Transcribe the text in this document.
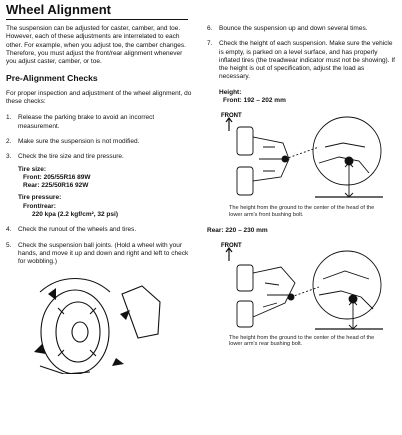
Wheel Alignment

The suspension can be adjusted for caster, camber, and toe. However, each of these adjustments are interrelated to each other. For example, when you adjust toe, the camber changes. Therefore, you must adjust the front/rear alignment whenever you adjust caster, camber, or toe.

Pre-Alignment Checks

For proper inspection and adjustment of the wheel alignment, do these checks:

1. Release the parking brake to avoid an incorrect measurement.
2. Make sure the suspension is not modified.
3. Check the tire size and tire pressure.
Tire size:
Front: 205/55R16 89W
Rear: 225/50R16 92W
Tire pressure:
Front/rear:
220 kpa (2.2 kgf/cm², 32 psi)
4. Check the runout of the wheels and tires.
5. Check the suspension ball joints. (Hold a wheel with your hands, and move it up and down and right and left to check for wobbling.)
6. Bounce the suspension up and down several times.
7. Check the height of each suspension. Make sure the vehicle is empty, is parked on a level surface, and has properly inflated tires (the treadwear indicator must not be showing). If the height is out of specification, adjust the load as necessary.
Height:
Front: 192 – 202 mm
FRONT
The height from the ground to the center of the head of the lower arm's front bushing bolt.
Rear: 220 – 230 mm
FRONT
The height from the ground to the center of the head of the lower arm's rear bushing bolt.
